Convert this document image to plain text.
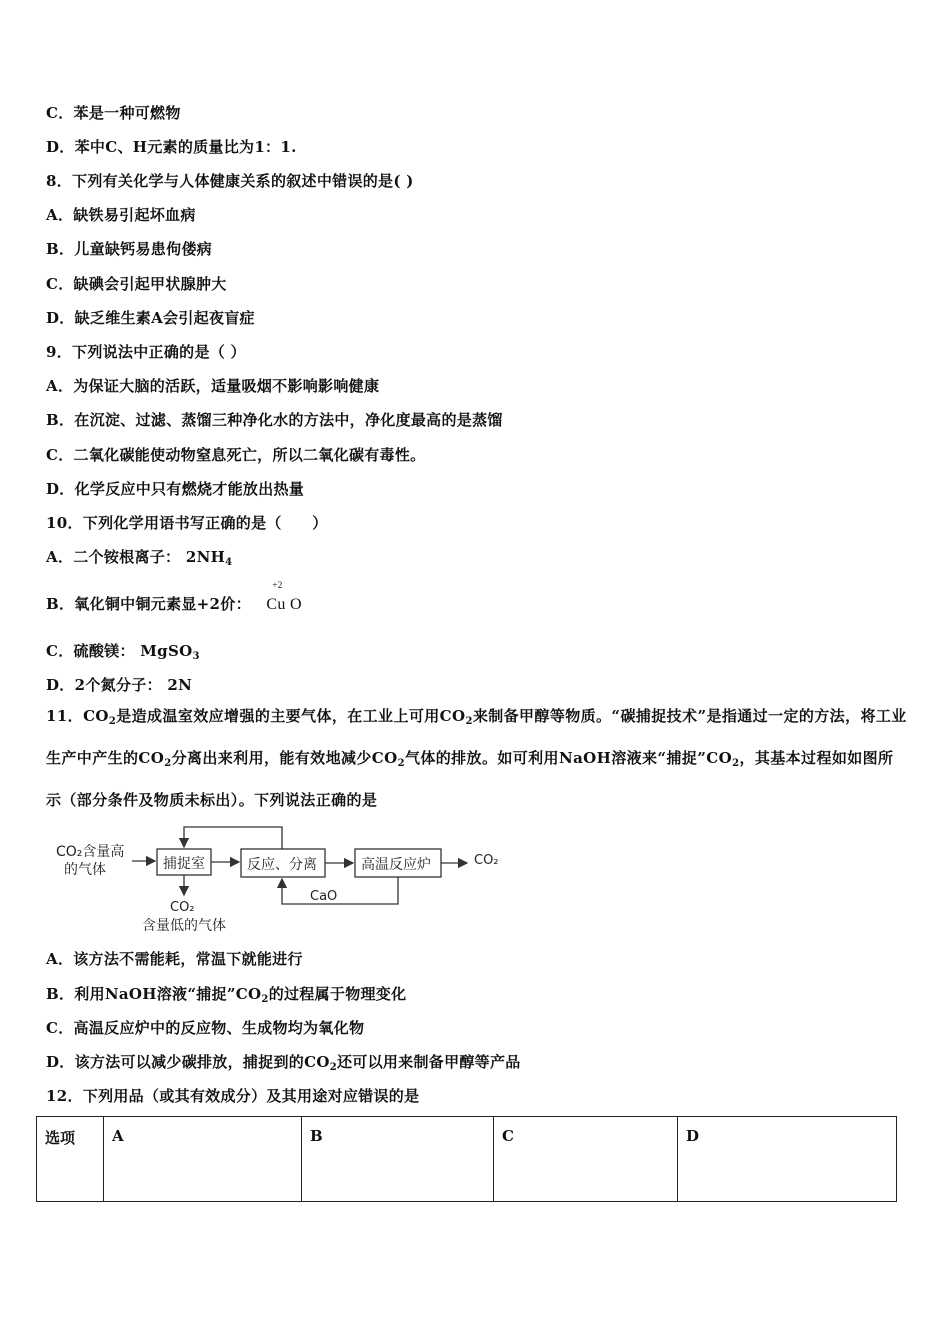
C．苯是一种可燃物
D．苯中C、H元素的质量比为1：1.
8．下列有关化学与人体健康关系的叙述中错误的是( )
A．缺铁易引起坏血病
B．儿童缺钙易患佝偻病
C．缺碘会引起甲状腺肿大
D．缺乏维生素A会引起夜盲症
9．下列说法中正确的是（ ）
A．为保证大脑的活跃，适量吸烟不影响影响健康
B．在沉淀、过滤、蒸馏三种净化水的方法中，净化度最高的是蒸馏
C．二氧化碳能使动物窒息死亡，所以二氧化碳有毒性。
D．化学反应中只有燃烧才能放出热量
10．下列化学用语书写正确的是（　　）
A．二个铵根离子： $2NH_4$
B．氧化铜中铜元素显+2价：
+2
Cu O
C．硫酸镁： MgSO$_3$
D．2个氮分子： 2N
11．$CO_2$是造成温室效应增强的主要气体，在工业上可用$CO_2$来制备甲醇等物质。“碳捕捉技术”是指通过一定的方法，将工业生产中产生的$CO_2$分离出来利用，能有效地减少$CO_2$气体的排放。如可利用NaOH溶液来“捕捉$”CO_2$，其基本过程如如图所示（部分条件及物质未标出）。下列说法正确的是
CO₂含量高
的气体	捕捉室	反应、分离	高温反应炉	CO₂
CaO
CO₂
含量低的气体
A．该方法不需能耗，常温下就能进行
B．利用NaOH溶液“捕捉$”CO_2$的过程属于物理变化
C．高温反应炉中的反应物、生成物均为氧化物
D．该方法可以减少碳排放，捕捉到的$CO_2$还可以用来制备甲醇等产品
12．下列用品（或其有效成分）及其用途对应错误的是
选项	A	B	C	D
